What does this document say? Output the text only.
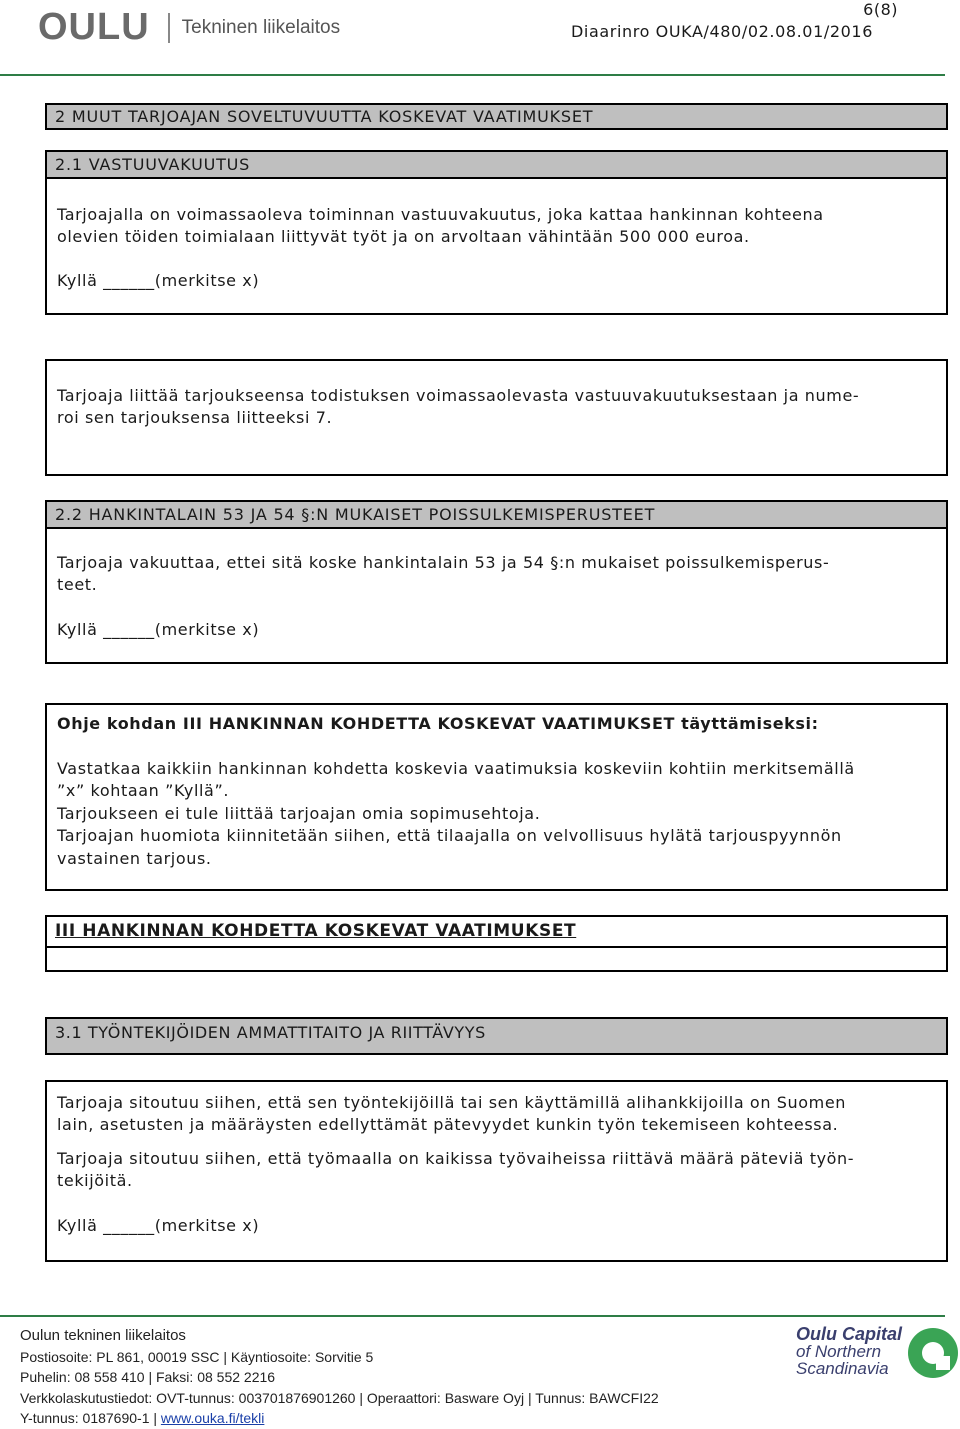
OULU Tekninen liikelaitos
6(8)
Diaarinro OUKA/480/02.08.01/2016
2 MUUT TARJOAJAN SOVELTUVUUTTA KOSKEVAT VAATIMUKSET
2.1 VASTUUVAKUUTUS
Tarjoajalla on voimassaoleva toiminnan vastuuvakuutus, joka kattaa hankinnan kohteena
olevien töiden toimialaan liittyvät työt ja on arvoltaan vähintään 500 000 euroa.
Kyllä ______(merkitse x)
Tarjoaja liittää tarjoukseensa todistuksen voimassaolevasta vastuuvakuutuksestaan ja nume-
roi sen tarjouksensa liitteeksi 7.
2.2 HANKINTALAIN 53 JA 54 §:N MUKAISET POISSULKEMISPERUSTEET
Tarjoaja vakuuttaa, ettei sitä koske hankintalain 53 ja 54 §:n mukaiset poissulkemisperus-
teet.
Kyllä ______(merkitse x)
Ohje kohdan III HANKINNAN KOHDETTA KOSKEVAT VAATIMUKSET täyttämiseksi:
Vastatkaa kaikkiin hankinnan kohdetta koskevia vaatimuksia koskeviin kohtiin merkitsemällä
”x” kohtaan ”Kyllä”.
Tarjoukseen ei tule liittää tarjoajan omia sopimusehtoja.
Tarjoajan huomiota kiinnitetään siihen, että tilaajalla on velvollisuus hylätä tarjouspyynnön
vastainen tarjous.
III HANKINNAN KOHDETTA KOSKEVAT VAATIMUKSET
3.1 TYÖNTEKIJÖIDEN AMMATTITAITO JA RIITTÄVYYS
Tarjoaja sitoutuu siihen, että sen työntekijöillä tai sen käyttämillä alihankkijoilla on Suomen
lain, asetusten ja määräysten edellyttämät pätevyydet kunkin työn tekemiseen kohteessa.
Tarjoaja sitoutuu siihen, että työmaalla on kaikissa työvaiheissa riittävä määrä päteviä työn-
tekijöitä.
Kyllä ______(merkitse x)
Oulun tekninen liikelaitos
Postiosoite: PL 861, 00019 SSC | Käyntiosoite: Sorvitie 5
Puhelin: 08 558 410 | Faksi: 08 552 2216
Verkkolaskutustiedot: OVT-tunnus: 003701876901260 | Operaattori: Basware Oyj | Tunnus: BAWCFI22
Y-tunnus: 0187690-1 | www.ouka.fi/tekli
Oulu Capital
of Northern
Scandinavia
